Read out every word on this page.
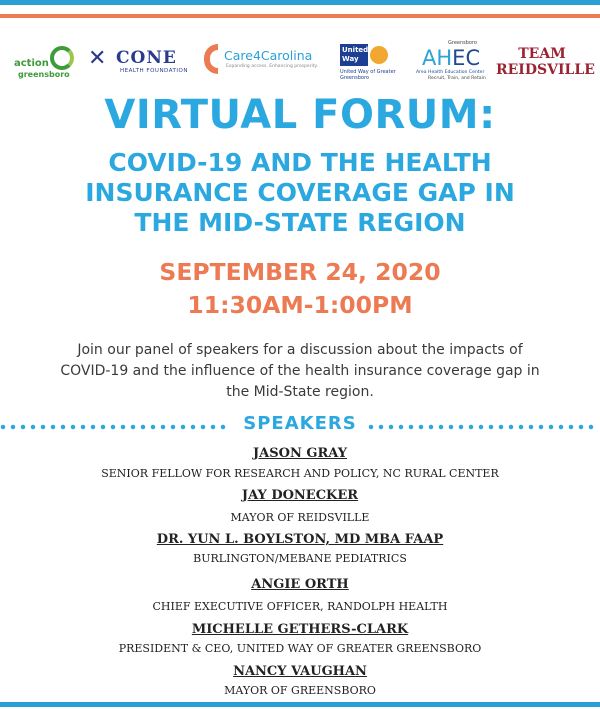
action
greensboro
✕ CONE
HEALTH FOUNDATION
Care4Carolina
Expanding access. Enhancing prosperity.
United Way
United Way of Greater Greensboro
Greensboro
AHEC
Area Health Education Center
Recruit, Train, and Retain
TEAM
REIDSVILLE
VIRTUAL FORUM:
COVID-19 AND THE HEALTH
INSURANCE COVERAGE GAP IN
THE MID-STATE REGION
SEPTEMBER 24, 2020
11:30AM-1:00PM
Join our panel of speakers for a discussion about the impacts of
COVID-19 and the influence of the health insurance coverage gap in
the Mid-State region.
SPEAKERS
JASON GRAY
SENIOR FELLOW FOR RESEARCH AND POLICY, NC RURAL CENTER
JAY DONECKER
MAYOR OF REIDSVILLE
DR. YUN L. BOYLSTON, MD MBA FAAP
BURLINGTON/MEBANE PEDIATRICS
ANGIE ORTH
CHIEF EXECUTIVE OFFICER, RANDOLPH HEALTH
MICHELLE GETHERS-CLARK
PRESIDENT & CEO, UNITED WAY OF GREATER GREENSBORO
NANCY VAUGHAN
MAYOR OF GREENSBORO
